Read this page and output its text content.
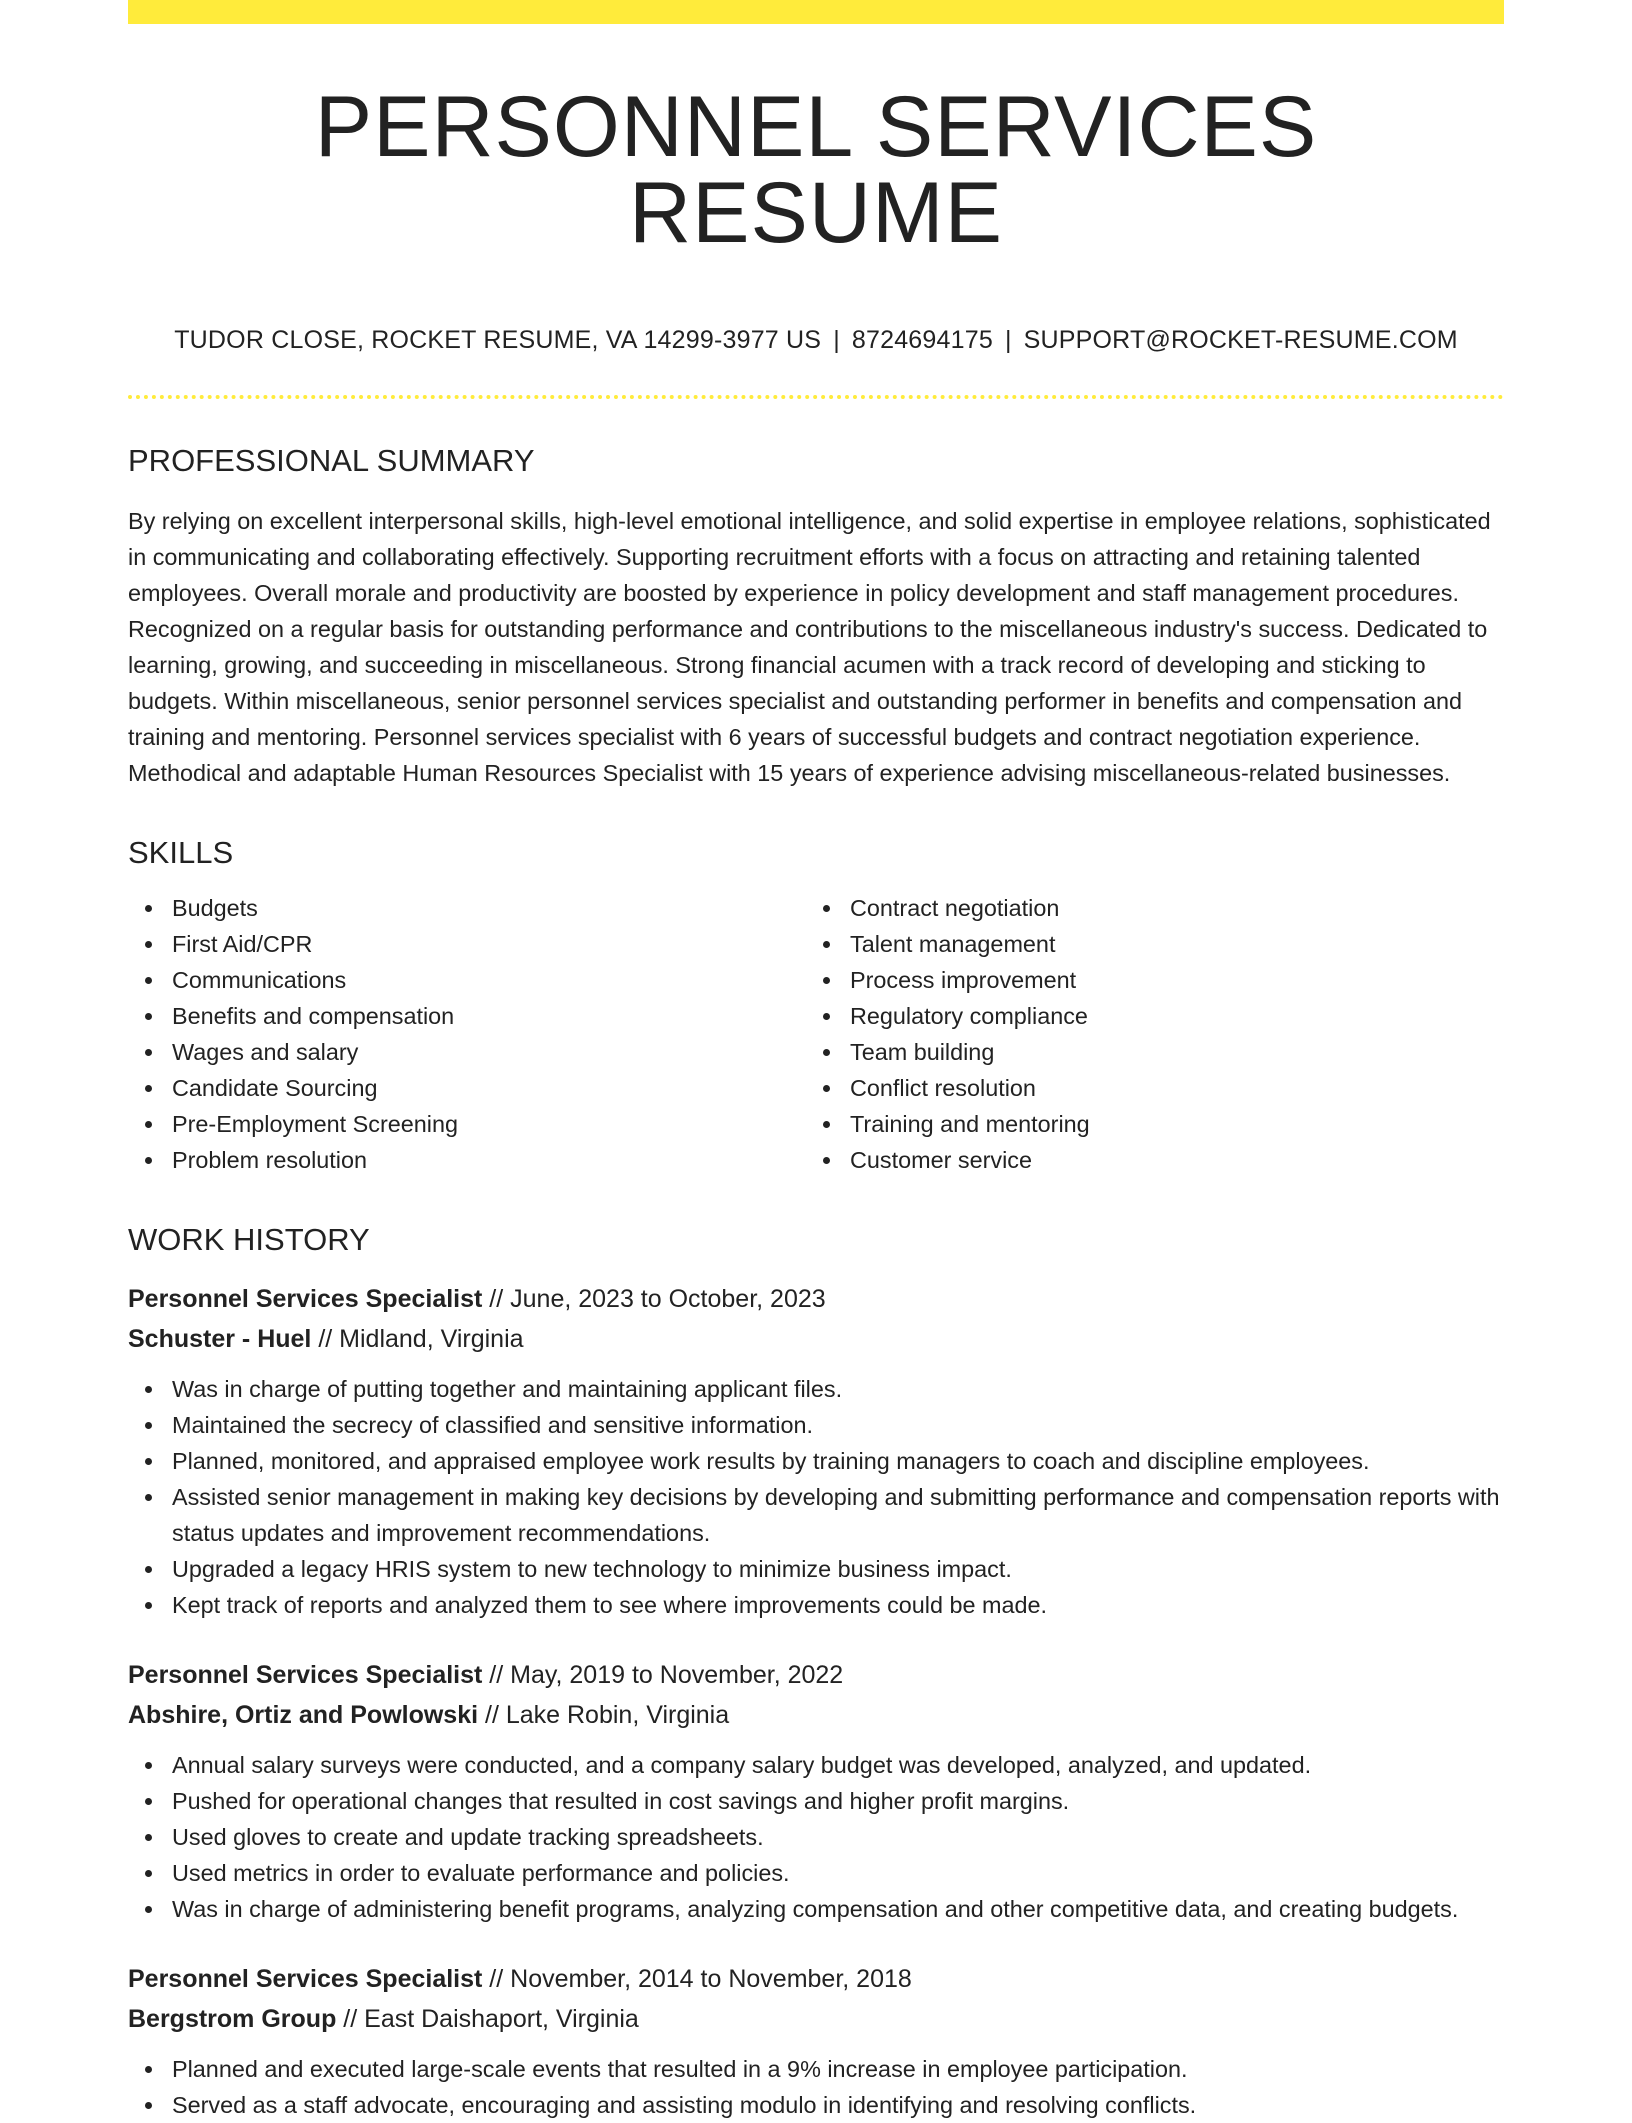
PERSONNEL SERVICES RESUME
TUDOR CLOSE, ROCKET RESUME, VA 14299-3977 US | 8724694175 | SUPPORT@ROCKET-RESUME.COM
PROFESSIONAL SUMMARY
By relying on excellent interpersonal skills, high-level emotional intelligence, and solid expertise in employee relations, sophisticated in communicating and collaborating effectively. Supporting recruitment efforts with a focus on attracting and retaining talented employees. Overall morale and productivity are boosted by experience in policy development and staff management procedures. Recognized on a regular basis for outstanding performance and contributions to the miscellaneous industry's success. Dedicated to learning, growing, and succeeding in miscellaneous. Strong financial acumen with a track record of developing and sticking to budgets. Within miscellaneous, senior personnel services specialist and outstanding performer in benefits and compensation and training and mentoring. Personnel services specialist with 6 years of successful budgets and contract negotiation experience. Methodical and adaptable Human Resources Specialist with 15 years of experience advising miscellaneous-related businesses.
SKILLS
Budgets
First Aid/CPR
Communications
Benefits and compensation
Wages and salary
Candidate Sourcing
Pre-Employment Screening
Problem resolution
Contract negotiation
Talent management
Process improvement
Regulatory compliance
Team building
Conflict resolution
Training and mentoring
Customer service
WORK HISTORY
Personnel Services Specialist // June, 2023 to October, 2023
Schuster - Huel // Midland, Virginia
Was in charge of putting together and maintaining applicant files.
Maintained the secrecy of classified and sensitive information.
Planned, monitored, and appraised employee work results by training managers to coach and discipline employees.
Assisted senior management in making key decisions by developing and submitting performance and compensation reports with status updates and improvement recommendations.
Upgraded a legacy HRIS system to new technology to minimize business impact.
Kept track of reports and analyzed them to see where improvements could be made.
Personnel Services Specialist // May, 2019 to November, 2022
Abshire, Ortiz and Powlowski // Lake Robin, Virginia
Annual salary surveys were conducted, and a company salary budget was developed, analyzed, and updated.
Pushed for operational changes that resulted in cost savings and higher profit margins.
Used gloves to create and update tracking spreadsheets.
Used metrics in order to evaluate performance and policies.
Was in charge of administering benefit programs, analyzing compensation and other competitive data, and creating budgets.
Personnel Services Specialist // November, 2014 to November, 2018
Bergstrom Group // East Daishaport, Virginia
Planned and executed large-scale events that resulted in a 9% increase in employee participation.
Served as a staff advocate, encouraging and assisting modulo in identifying and resolving conflicts.
